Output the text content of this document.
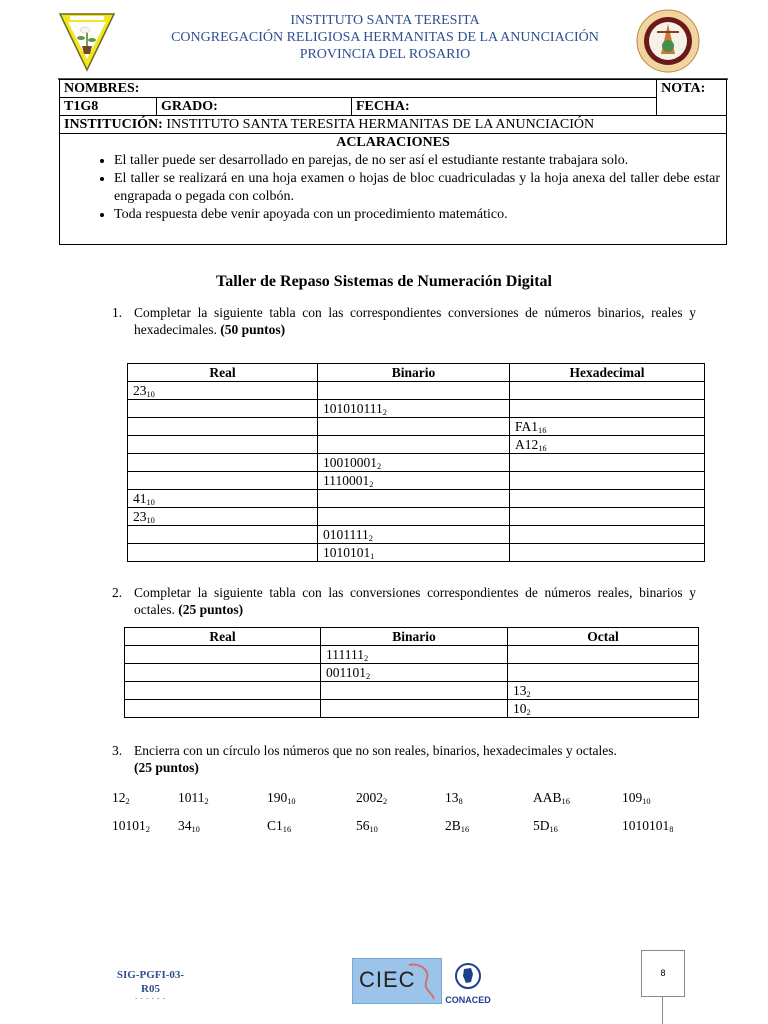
INSTITUTO SANTA TERESITA
CONGREGACIÓN RELIGIOSA HERMANITAS DE LA ANUNCIACIÓN
PROVINCIA DEL ROSARIO
NOMBRES:			NOTA:
T1G8	GRADO:	FECHA:	
INSTITUCIÓN: INSTITUTO SANTA TERESITA HERMANITAS DE LA ANUNCIACIÓN			
ACLARACIONES
• El taller puede ser desarrollado en parejas, de no ser así el estudiante restante trabajara solo.
• El taller se realizará en una hoja examen o hojas de bloc cuadriculadas y la hoja anexa del taller debe estar engrapada o pegada con colbón.
• Toda respuesta debe venir apoyada con un procedimiento matemático.
Taller de Repaso Sistemas de Numeración Digital
1. Completar la siguiente tabla con las correspondientes conversiones de números binarios, reales y hexadecimales. (50 puntos)
Real	Binario	Hexadecimal
$23_{10}$		
	$101010111_2$	
		$FA1_{16}$
		$A12_{16}$
	$10010001_2$	
	$1110001_2$	
$41_{10}$		
$23_{10}$		
	$0101111_2$	
	$1010101_1$	
2. Completar la siguiente tabla con las conversiones correspondientes de números reales, binarios y octales. (25 puntos)
Real	Binario	Octal
	$111111_2$	
	$001101_2$	
		$13_2$
		$10_2$
3. Encierra con un círculo los números que no son reales, binarios, hexadecimales y octales.
(25 puntos)
$12_2$	$1011_2$	$190_{10}$	$2002_2$	$13_8$	$AAB_{16}$	$109_{10}$
$10101_2$ $34_{10}$	$C1_{16}$	$56_{10}$	$2B_{16}$	$5D_{16}$	$1010101_8$
SIG-PGFI-03-
R05
- - - - - -
CIEC
CONACED
8
